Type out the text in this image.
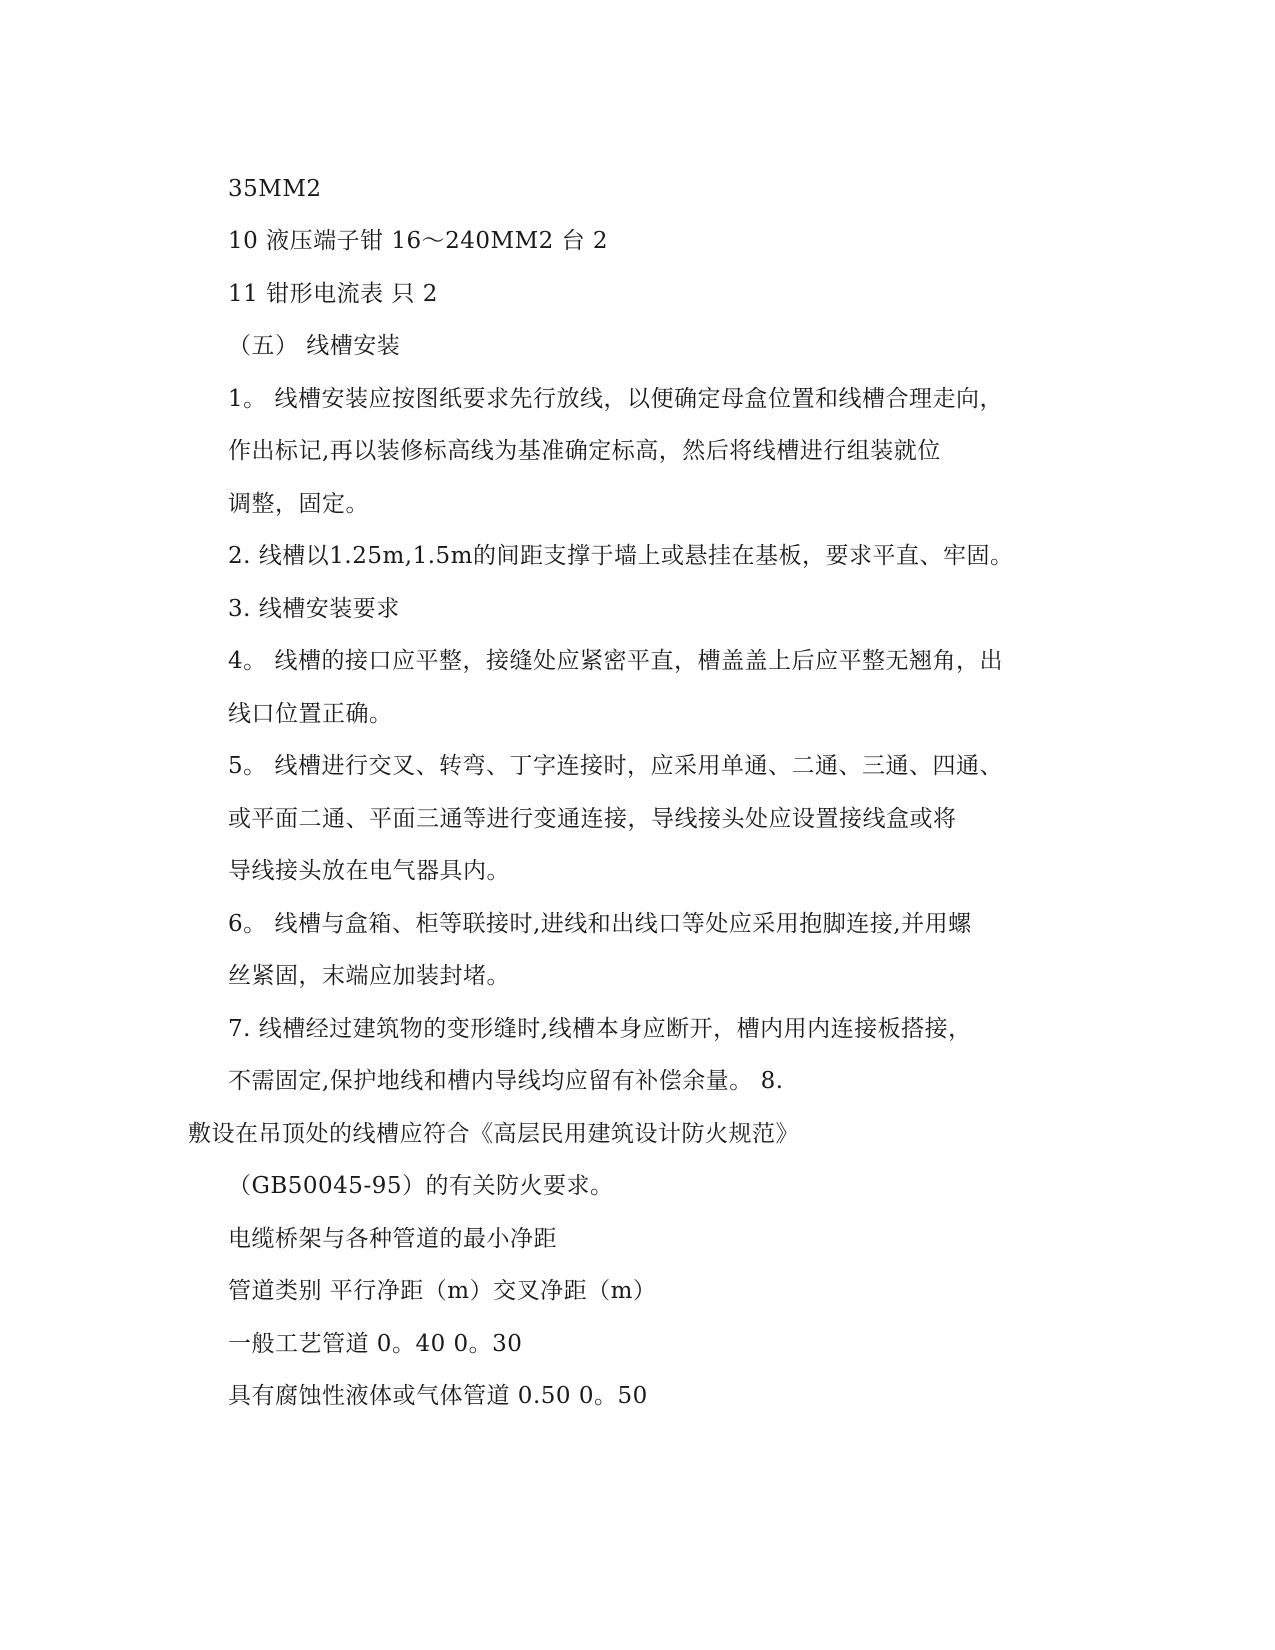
35MM2
10 液压端子钳 16～240MM2 台 2
11 钳形电流表 只 2
（五） 线槽安装
1。 线槽安装应按图纸要求先行放线，以便确定母盒位置和线槽合理走向，
作出标记,再以装修标高线为基准确定标高，然后将线槽进行组装就位
调整，固定。
2. 线槽以1.25m,1.5m的间距支撑于墙上或悬挂在基板，要求平直、牢固。
3. 线槽安装要求
4。 线槽的接口应平整，接缝处应紧密平直，槽盖盖上后应平整无翘角，出
线口位置正确。
5。 线槽进行交叉、转弯、丁字连接时，应采用单通、二通、三通、四通、
或平面二通、平面三通等进行变通连接，导线接头处应设置接线盒或将
导线接头放在电气器具内。
6。 线槽与盒箱、柜等联接时,进线和出线口等处应采用抱脚连接,并用螺
丝紧固，末端应加装封堵。
7. 线槽经过建筑物的变形缝时,线槽本身应断开，槽内用内连接板搭接，
不需固定,保护地线和槽内导线均应留有补偿余量。 8.
敷设在吊顶处的线槽应符合《高层民用建筑设计防火规范》
（GB50045-95）的有关防火要求。
电缆桥架与各种管道的最小净距
管道类别 平行净距（m）交叉净距（m）
一般工艺管道 0。40 0。30
具有腐蚀性液体或气体管道 0.50 0。50
